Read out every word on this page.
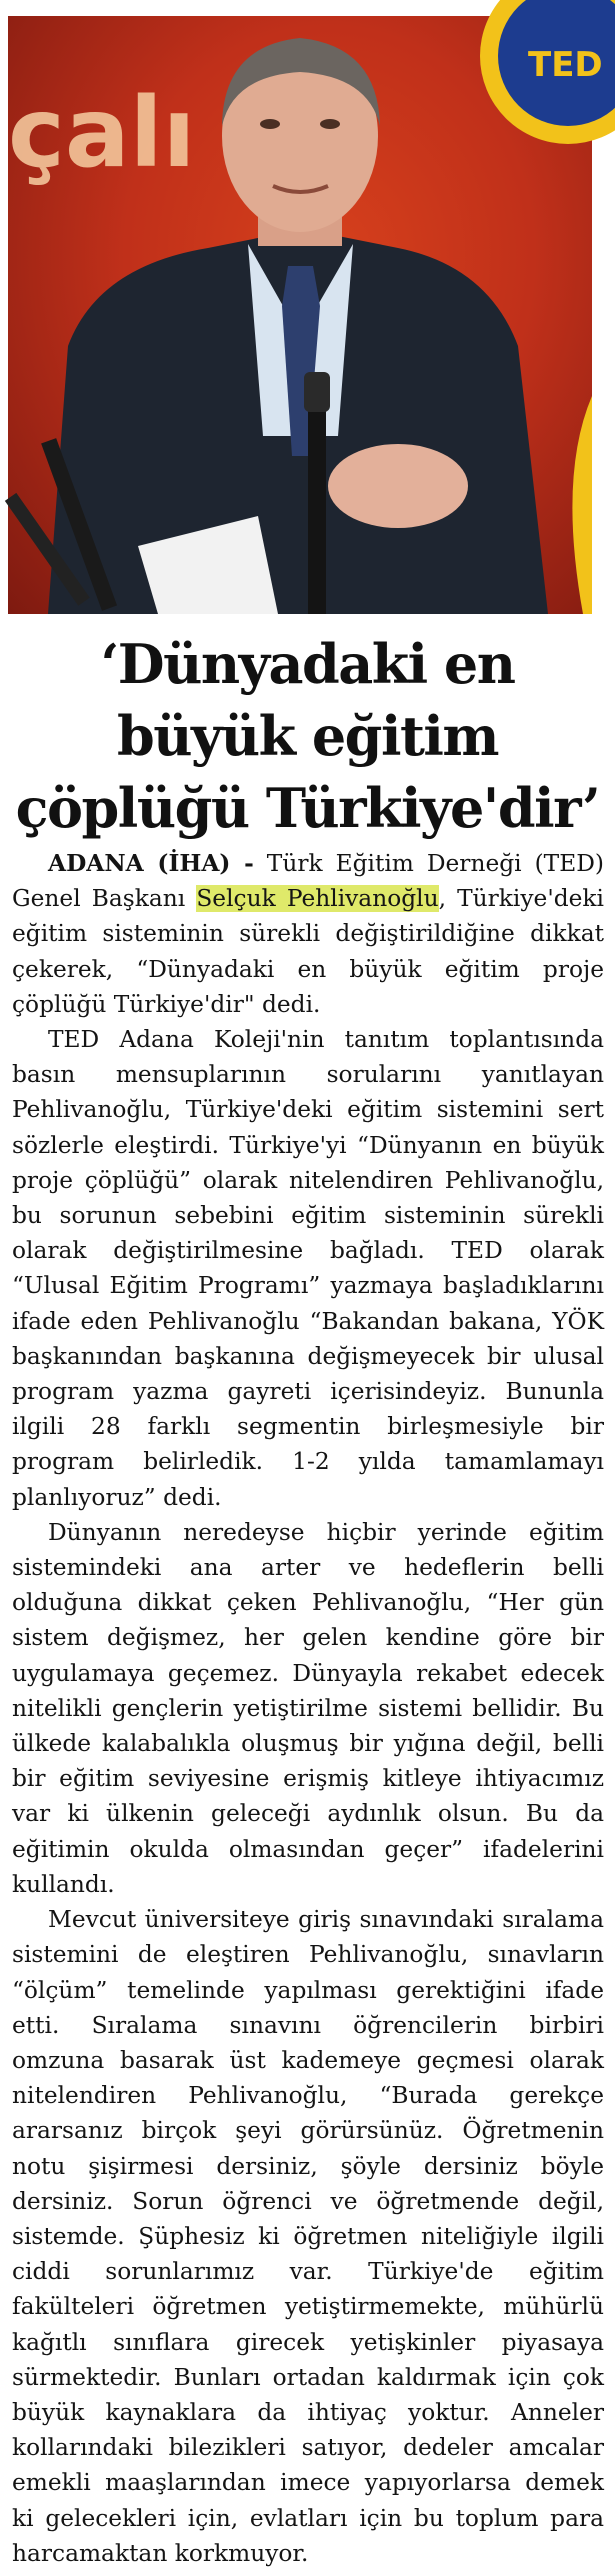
TED
çalı
‘Dünyadaki en
büyük eğitim
çöplüğü Türkiye'dir’

ADANA (İHA) - Türk Eğitim Derneği (TED) Genel Başkanı Selçuk Pehlivanoğlu, Türkiye'deki eğitim sisteminin sürekli değiştirildiğine dikkat çekerek, “Dünyadaki en büyük eğitim proje çöplüğü Türkiye'dir" dedi.

TED Adana Koleji'nin tanıtım toplantısında basın mensuplarının sorularını yanıtlayan Pehlivanoğlu, Türkiye'deki eğitim sistemini sert sözlerle eleştirdi. Türkiye'yi “Dünyanın en büyük proje çöplüğü” olarak nitelendiren Pehlivanoğlu, bu sorunun sebebini eğitim sisteminin sürekli olarak değiştirilmesine bağladı. TED olarak “Ulusal Eğitim Programı” yazmaya başladıklarını ifade eden Pehlivanoğlu “Bakandan bakana, YÖK başkanından başkanına değişmeyecek bir ulusal program yazma gayreti içerisindeyiz. Bununla ilgili 28 farklı segmentin birleşmesiyle bir program belirledik. 1-2 yılda tamamlamayı planlıyoruz” dedi.

Dünyanın neredeyse hiçbir yerinde eğitim sistemindeki ana arter ve hedeflerin belli olduğuna dikkat çeken Pehlivanoğlu, “Her gün sistem değişmez, her gelen kendine göre bir uygulamaya geçemez. Dünyayla rekabet edecek nitelikli gençlerin yetiştirilme sistemi bellidir. Bu ülkede kalabalıkla oluşmuş bir yığına değil, belli bir eğitim seviyesine erişmiş kitleye ihtiyacımız var ki ülkenin geleceği aydınlık olsun. Bu da eğitimin okulda olmasından geçer” ifadelerini kullandı.

Mevcut üniversiteye giriş sınavındaki sıralama sistemini de eleştiren Pehlivanoğlu, sınavların “ölçüm” temelinde yapılması gerektiğini ifade etti. Sıralama sınavını öğrencilerin birbiri omzuna basarak üst kademeye geçmesi olarak nitelendiren Pehlivanoğlu, “Burada gerekçe ararsanız birçok şeyi görürsünüz. Öğretmenin notu şişirmesi dersiniz, şöyle dersiniz böyle dersiniz. Sorun öğrenci ve öğretmende değil, sistemde. Şüphesiz ki öğretmen niteliğiyle ilgili ciddi sorunlarımız var. Türkiye'de eğitim fakülteleri öğretmen yetiştirmemekte, mühürlü kağıtlı sınıflara girecek yetişkinler piyasaya sürmektedir. Bunları ortadan kaldırmak için çok büyük kaynaklara da ihtiyaç yoktur. Anneler kollarındaki bilezikleri satıyor, dedeler amcalar emekli maaşlarından imece yapıyorlarsa demek ki gelecekleri için, evlatları için bu toplum para harcamaktan korkmuyor.
